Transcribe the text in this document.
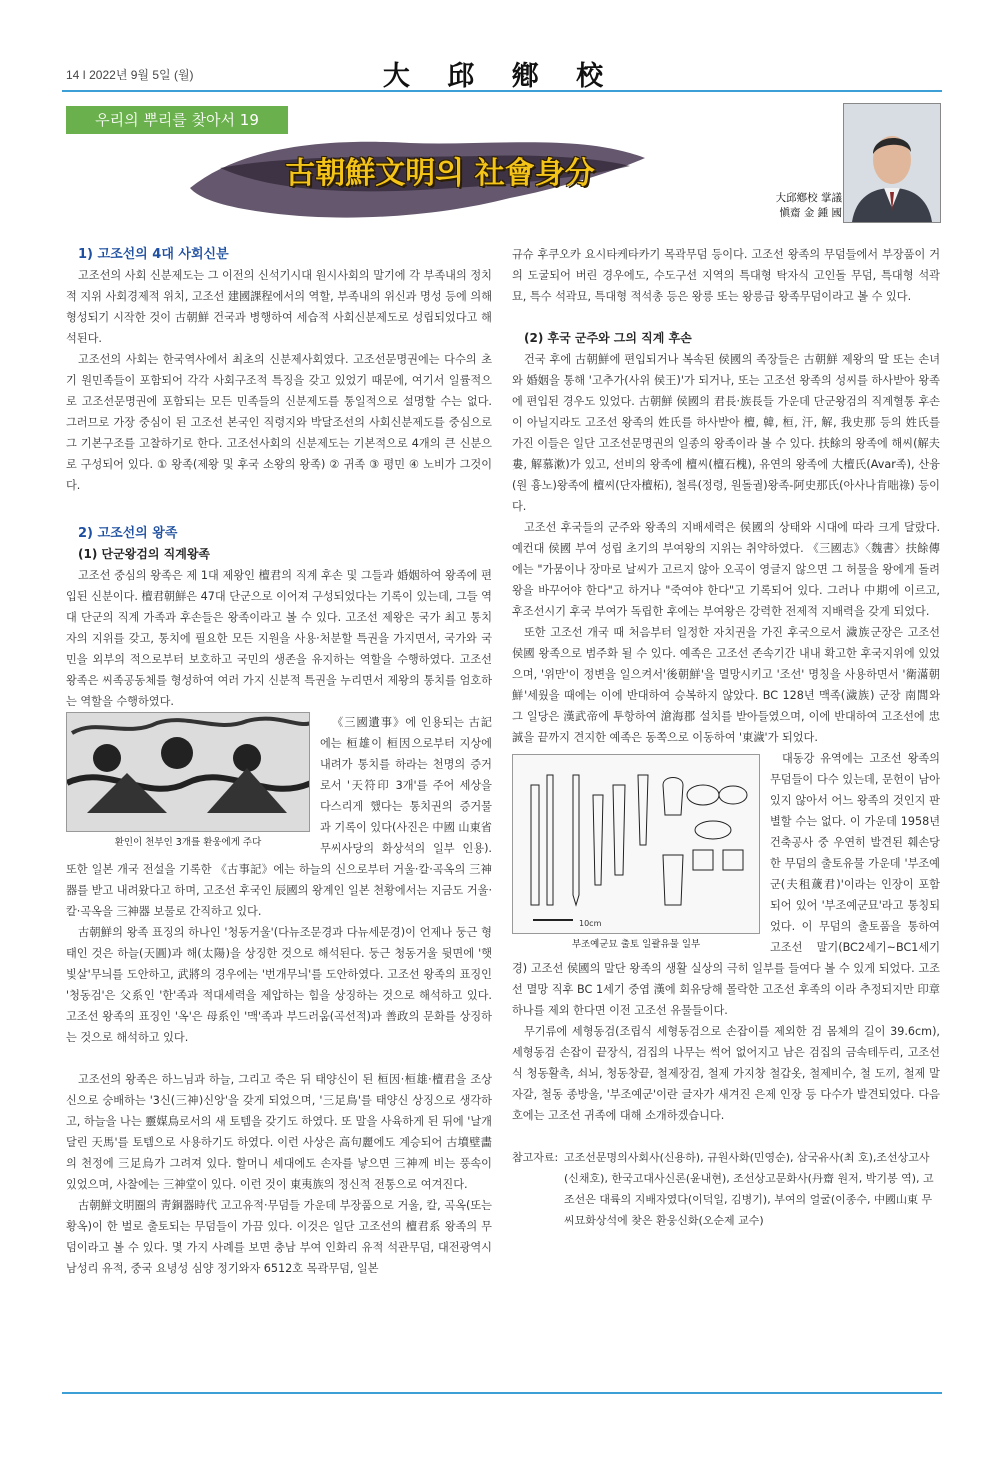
14 ǀ 2022년 9월 5일 (월)	大 邱 鄕 校
우리의 뿌리를 찾아서 19
古朝鮮文明의 社會身分
大邱鄕校 掌議
愼齋 金 鍾 國
1) 고조선의 4대 사회신분

고조선의 사회 신분제도는 그 이전의 신석기시대 원시사회의 말기에 각 부족내의 정치적 지위 사회경제적 위치, 고조선 建國課程에서의 역할, 부족내의 위신과 명성 등에 의해 형성되기 시작한 것이 古朝鮮 건국과 병행하여 세습적 사회신분제도로 성립되었다고 해석된다.

고조선의 사회는 한국역사에서 최초의 신분제사회였다. 고조선문명권에는 다수의 초기 원민족들이 포함되어 각각 사회구조적 특징을 갖고 있었기 때문에, 여기서 일률적으로 고조선문명권에 포함되는 모든 민족들의 신분제도를 통일적으로 설명할 수는 없다. 그러므로 가장 중심이 된 고조선 본국인 직령지와 박달조선의 사회신분제도를 중심으로 그 기본구조를 고찰하기로 한다. 고조선사회의 신분제도는 기본적으로 4개의 큰 신분으로 구성되어 있다. ① 왕족(제왕 및 후국 소왕의 왕족) ② 귀족 ③ 평민 ④ 노비가 그것이다.

2) 고조선의 왕족
(1) 단군왕검의 직계왕족

고조선 중심의 왕족은 제 1대 제왕인 檀君의 직계 후손 및 그들과 婚姻하여 왕족에 편입된 신분이다. 檀君朝鮮은 47대 단군으로 이어져 구성되었다는 기록이 있는데, 그들 역대 단군의 직계 가족과 후손들은 왕족이라고 볼 수 있다. 고조선 제왕은 국가 최고 통치자의 지위를 갖고, 통치에 필요한 모든 지원을 사용·처분할 특권을 가지면서, 국가와 국민을 외부의 적으로부터 보호하고 국민의 생존을 유지하는 역할을 수행하였다. 고조선 왕족은 씨족공동체를 형성하여 여러 가지 신분적 특권을 누리면서 제왕의 통치를 엄호하는 역할을 수행하였다.

환인이 천부인 3개를 환웅에게 주다

《三國遺事》에 인용되는 古記에는 桓雄이 桓因으로부터 지상에 내려가 통치를 하라는 천명의 증거로서 '天符印 3개'를 주어 세상을 다스리게 했다는 통치권의 증거물과 기록이 있다(사진은 中國 山東省 무씨사당의 화상석의 일부 인용). 또한 일본 개국 전설을 기록한 《古事記》에는 하늘의 신으로부터 거울·칼·곡옥의 三神器를 받고 내려왔다고 하며, 고조선 후국인 辰國의 왕계인 일본 천황에서는 지금도 거울·칼·곡옥을 三神器 보물로 간직하고 있다.

古朝鮮의 왕족 표징의 하나인 '청동거울'(다뉴조문경과 다뉴세문경)이 언제나 둥근 형태인 것은 하늘(天圓)과 해(太陽)을 상징한 것으로 해석된다. 둥근 청동거울 뒷면에 '햇빛살'무늬를 도안하고, 武將의 경우에는 '번개무늬'를 도안하였다. 고조선 왕족의 표징인 '청동검'은 父系인 '한'족과 적대세력을 제압하는 힘을 상징하는 것으로 해석하고 있다. 고조선 왕족의 표징인 '옥'은 母系인 '맥'족과 부드러움(곡선적)과 善政의 문화를 상징하는 것으로 해석하고 있다.

고조선의 왕족은 하느님과 하늘, 그리고 죽은 뒤 태양신이 된 桓因·桓雄·檀君을 조상신으로 숭배하는 '3신(三神)신앙'을 갖게 되었으며, '三足鳥'를 태양신 상징으로 생각하고, 하늘을 나는 靈媒鳥로서의 새 토템을 갖기도 하였다. 또 말을 사육하게 된 뒤에 '날개 달린 天馬'를 토템으로 사용하기도 하였다. 이런 사상은 高句麗에도 계승되어 古墳壁畵의 천정에 三足烏가 그려져 있다. 할머니 세대에도 손자를 낳으면 三神께 비는 풍속이 있었으며, 사찰에는 三神堂이 있다. 이런 것이 東夷族의 정신적 전통으로 여겨진다.

古朝鮮文明圈의 靑銅器時代 고고유적·무덤들 가운데 부장품으로 거울, 칼, 곡옥(또는 황옥)이 한 벌로 출토되는 무덤들이 가끔 있다. 이것은 일단 고조선의 檀君系 왕족의 무덤이라고 볼 수 있다. 몇 가지 사례를 보면 충남 부여 인화리 유적 석관무덤, 대전광역시 남성리 유적, 중국 요녕성 심양 정기와자 6512호 목곽무덤, 일본

규슈 후쿠오카 요시타케타카기 목곽무덤 등이다. 고조선 왕족의 무덤들에서 부장품이 거의 도굴되어 버린 경우에도, 수도구선 지역의 특대형 탁자식 고인돌 무덤, 특대형 석곽묘, 특수 석곽묘, 특대형 적석총 등은 왕릉 또는 왕릉급 왕족무덤이라고 볼 수 있다.

(2) 후국 군주와 그의 직계 후손

건국 후에 古朝鮮에 편입되거나 복속된 侯國의 족장들은 古朝鮮 제왕의 딸 또는 손녀와 婚姻을 통해 '고추가(사위 侯王)'가 되거나, 또는 고조선 왕족의 성씨를 하사받아 왕족에 편입된 경우도 있었다. 古朝鮮 侯國의 君長·族長들 가운데 단군왕검의 직계혈통 후손이 아닐지라도 고조선 왕족의 姓氏를 하사받아 檀, 韓, 桓, 汗, 解, 我史那 등의 姓氏를 가진 이들은 일단 고조선문명권의 일종의 왕족이라 볼 수 있다. 扶餘의 왕족에 해씨(解夫婁, 解慕漱)가 있고, 선비의 왕족에 檀씨(檀石槐), 유연의 왕족에 大檀氏(Avar족), 산융(원 흉노)왕족에 檀씨(단자檀柘), 철륵(정령, 원돌궐)왕족-阿史那氏(아사나肯咄祿) 등이다.

고조선 후국들의 군주와 왕족의 지배세력은 侯國의 상태와 시대에 따라 크게 달랐다. 예컨대 侯國 부여 성립 초기의 부여왕의 지위는 취약하였다. 《三國志》〈魏書〉扶餘傳에는 "가뭄이나 장마로 날씨가 고르지 않아 오곡이 영글지 않으면 그 허물을 왕에게 돌려 왕을 바꾸어야 한다"고 하거나 "죽여야 한다"고 기록되어 있다. 그러나 中期에 이르고, 후조선시기 후국 부여가 독립한 후에는 부여왕은 강력한 전제적 지배력을 갖게 되었다.

또한 고조선 개국 때 처음부터 일정한 자치권을 가진 후국으로서 濊族군장은 고조선 侯國 왕족으로 범주화 될 수 있다. 예족은 고조선 존속기간 내내 확고한 후국지위에 있었으며, '위만'이 정변을 일으켜서'後朝鮮'을 멸망시키고 '조선' 명칭을 사용하면서 '衛滿朝鮮'세웠을 때에는 이에 반대하여 승복하지 않았다. BC 128년 맥족(濊族) 군장 南閭와 그 일당은 漢武帝에 투항하여 滄海郡 설치를 받아들였으며, 이에 반대하여 고조선에 忠誠을 끝까지 견지한 예족은 동쪽으로 이동하여 '東濊'가 되었다.

10cm
부조예군묘 출토 일괄유물 일부

대동강 유역에는 고조선 왕족의 무덤들이 다수 있는데, 문헌이 남아 있지 않아서 어느 왕족의 것인지 판별할 수는 없다. 이 가운데 1958년 건축공사 중 우연히 발견된 훼손당한 무덤의 출토유물 가운데 '부조예군(夫租薉君)'이라는 인장이 포함되어 있어 '부조예군묘'라고 통칭되었다. 이 무덤의 출토품을 통하여 고조선 말기(BC2세기~BC1세기경) 고조선 侯國의 말단 왕족의 생활 실상의 극히 일부를 들여다 볼 수 있게 되었다. 고조선 멸망 직후 BC 1세기 중엽 漢에 회유당해 몰락한 고조선 후족의 이라 추정되지만 印章 하나를 제외 한다면 이전 고조선 유물들이다.

무기류에 세형동검(조립식 세형동검으로 손잡이를 제외한 검 몸체의 길이 39.6cm), 세형동검 손잡이 끝장식, 검집의 나무는 썩어 없어지고 남은 검집의 금속테두리, 고조선식 청동활촉, 쇠뇌, 청동창끝, 철제장검, 철제 가지창 철갑옷, 철제비수, 철 도끼, 철제 말자갈, 철동 종방울, '부조예군'이란 글자가 새겨진 은제 인장 등 다수가 발견되었다. 다음 호에는 고조선 귀족에 대해 소개하겠습니다.

참고자료: 고조선문명의사회사(신용하), 규원사화(민영순), 삼국유사(최 호),조선상고사(신채호), 한국고대사신론(윤내현), 조선상고문화사(丹齋 원저, 박기봉 역), 고조선은 대륙의 지배자였다(이덕일, 김병기), 부여의 얼굴(이종수, 中國山東 무씨묘화상석에 찾은 환웅신화(오순제 교수)
